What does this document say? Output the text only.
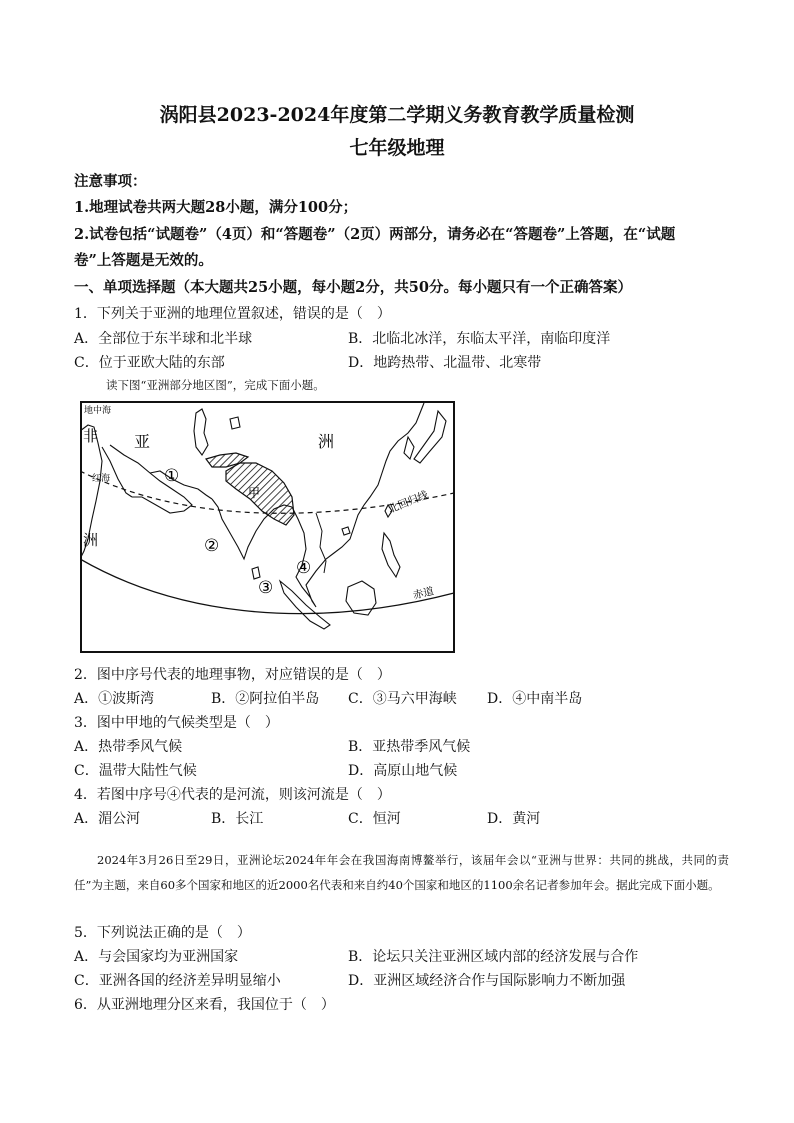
涡阳县2023-2024年度第二学期义务教育教学质量检测
七年级地理
注意事项：
1.地理试卷共两大题28小题，满分100分；
2.试卷包括“试题卷”（4页）和“答题卷”（2页）两部分，请务必在“答题卷”上答题，在“试题
卷”上答题是无效的。
一、单项选择题（本大题共25小题，每小题2分，共50分。每小题只有一个正确答案）
1．下列关于亚洲的地理位置叙述，错误的是（　）
A．全部位于东半球和北半球	B．北临北冰洋，东临太平洋，南临印度洋
C．位于亚欧大陆的东部	D．地跨热带、北温带、北寒带
读下图“亚洲部分地区图”，完成下面小题。
地中海
非
洲
亚	洲
红海
甲	北回归线
赤道
①
②
③
④
2．图中序号代表的地理事物，对应错误的是（　）
A．①波斯湾	B．②阿拉伯半岛 C．③马六甲海峡 D．④中南半岛
3．图中甲地的气候类型是（　）
A．热带季风气候	B．亚热带季风气候
C．温带大陆性气候	D．高原山地气候
4．若图中序号④代表的是河流，则该河流是（　）
A．湄公河	B．长江	C．恒河	D．黄河
2024年3月26日至29日，亚洲论坛2024年年会在我国海南博鳌举行，该届年会以“亚洲与世界：共同的挑战，共同的责任”为主题，来自60多个国家和地区的近2000名代表和来自约40个国家和地区的1100余名记者参加年会。据此完成下面小题。
5．下列说法正确的是（　）
A．与会国家均为亚洲国家	B．论坛只关注亚洲区域内部的经济发展与合作
C．亚洲各国的经济差异明显缩小	D．亚洲区域经济合作与国际影响力不断加强
6．从亚洲地理分区来看，我国位于（　）
